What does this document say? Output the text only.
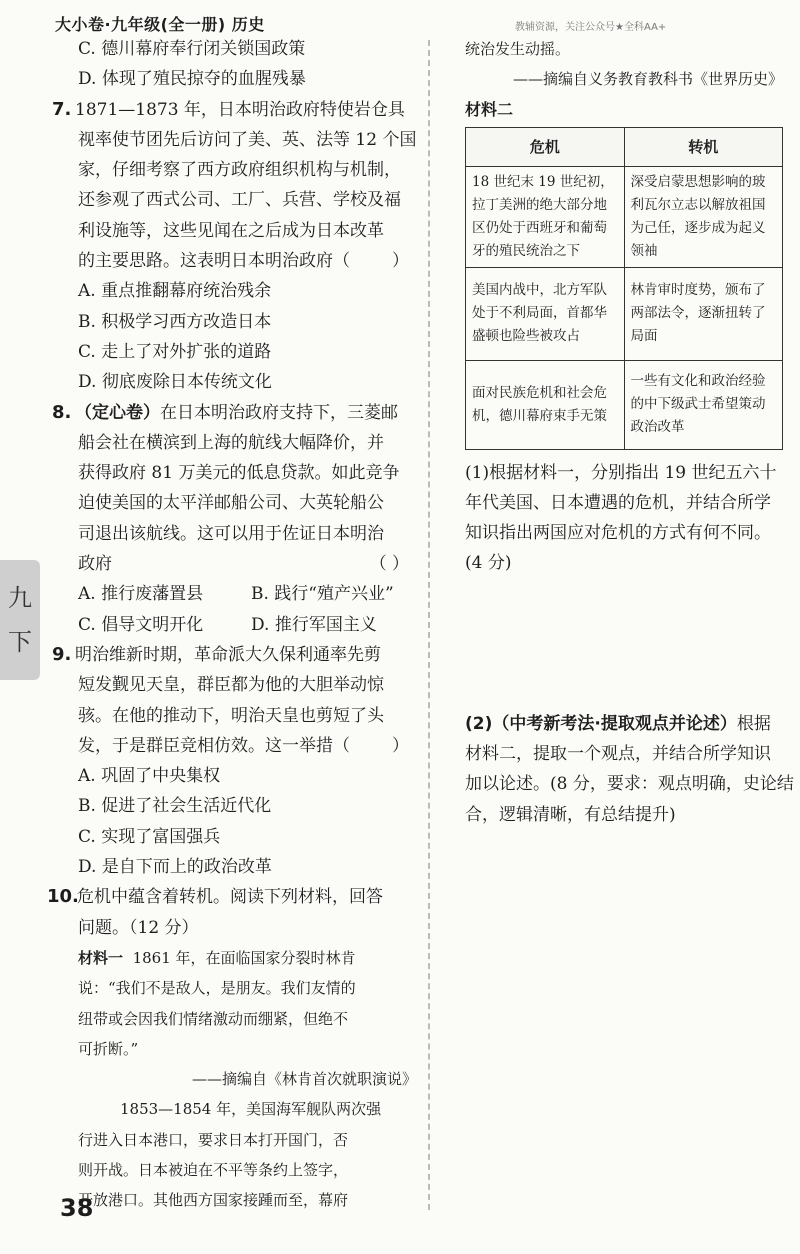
大小卷·九年级(全一册) 历史	教辅资源，关注公众号★全科AA+
C. 德川幕府奉行闭关锁国政策
D. 体现了殖民掠夺的血腥残暴
7. 1871—1873 年，日本明治政府特使岩仓具
视率使节团先后访问了美、英、法等 12 个国
家，仔细考察了西方政府组织机构与机制，
还参观了西式公司、工厂、兵营、学校及福
利设施等，这些见闻在之后成为日本改革
的主要思路。这表明日本明治政府（ ）
A. 重点推翻幕府统治残余
B. 积极学习西方改造日本
C. 走上了对外扩张的道路
D. 彻底废除日本传统文化
8. （定心卷）在日本明治政府支持下，三菱邮
船会社在横滨到上海的航线大幅降价，并
获得政府 81 万美元的低息贷款。如此竞争
迫使美国的太平洋邮船公司、大英轮船公
司退出该航线。这可以用于佐证日本明治
政府	（ ）
A. 推行废藩置县	B. 践行“殖产兴业”
C. 倡导文明开化	D. 推行军国主义
9. 明治维新时期，革命派大久保利通率先剪
短发觐见天皇，群臣都为他的大胆举动惊
骇。在他的推动下，明治天皇也剪短了头
发，于是群臣竞相仿效。这一举措（ ）
A. 巩固了中央集权
B. 促进了社会生活近代化
C. 实现了富国强兵
D. 是自下而上的政治改革
10.危机中蕴含着转机。阅读下列材料，回答
问题。（12 分）
材料一 1861 年，在面临国家分裂时林肯
说：“我们不是敌人，是朋友。我们友情的
纽带或会因我们情绪激动而绷紧，但绝不
可折断。”
——摘编自《林肯首次就职演说》
1853—1854 年，美国海军舰队两次强
行进入日本港口，要求日本打开国门，否
则开战。日本被迫在不平等条约上签字，
开放港口。其他西方国家接踵而至，幕府
统治发生动摇。
——摘编自义务教育教科书《世界历史》
材料二
危机	转机
18 世纪末 19 世纪初，拉丁美洲的绝大部分地区仍处于西班牙和葡萄牙的殖民统治之下	深受启蒙思想影响的玻利瓦尔立志以解放祖国为己任，逐步成为起义领袖
美国内战中，北方军队处于不利局面，首都华盛顿也险些被攻占	林肯审时度势，颁布了两部法令，逐渐扭转了局面
面对民族危机和社会危机，德川幕府束手无策	一些有文化和政治经验的中下级武士希望策动政治改革
(1)根据材料一，分别指出 19 世纪五六十
年代美国、日本遭遇的危机，并结合所学
知识指出两国应对危机的方式有何不同。
(4 分)
(2)（中考新考法·提取观点并论述）根据
材料二，提取一个观点，并结合所学知识
加以论述。(8 分，要求：观点明确，史论结
合，逻辑清晰，有总结提升)
九
下
38
